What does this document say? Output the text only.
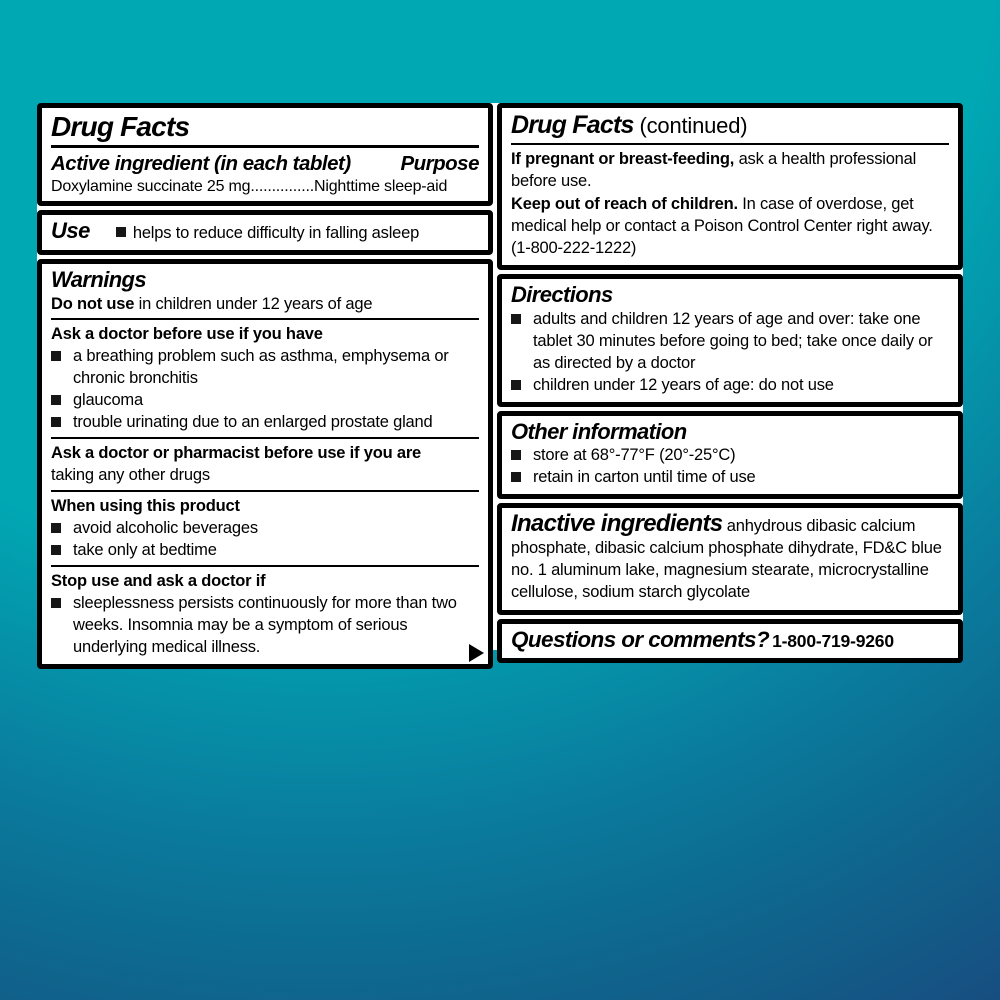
Drug Facts
Active ingredient (in each tablet) Purpose
Doxylamine succinate 25 mg...............Nighttime sleep-aid
Use	helps to reduce difficulty in falling asleep
Warnings

Do not use in children under 12 years of age

Ask a doctor before use if you have
a breathing problem such as asthma, emphysema or chronic bronchitis
glaucoma
trouble urinating due to an enlarged prostate gland
Ask a doctor or pharmacist before use if you are
taking any other drugs
When using this product
avoid alcoholic beverages
take only at bedtime
Stop use and ask a doctor if
sleeplessness persists continuously for more than two weeks. Insomnia may be a symptom of serious underlying medical illness.
Drug Facts (continued)

If pregnant or breast-feeding, ask a health professional before use.

Keep out of reach of children. In case of overdose, get medical help or contact a Poison Control Center right away. (1-800-222-1222)

Directions
adults and children 12 years of age and over: take one tablet 30 minutes before going to bed; take once daily or as directed by a doctor
children under 12 years of age: do not use
Other information
store at 68°-77°F (20°-25°C)
retain in carton until time of use

Inactive ingredients anhydrous dibasic calcium phosphate, dibasic calcium phosphate dihydrate, FD&C blue no. 1 aluminum lake, magnesium stearate, microcrystalline cellulose, sodium starch glycolate

Questions or comments? 1-800-719-9260
